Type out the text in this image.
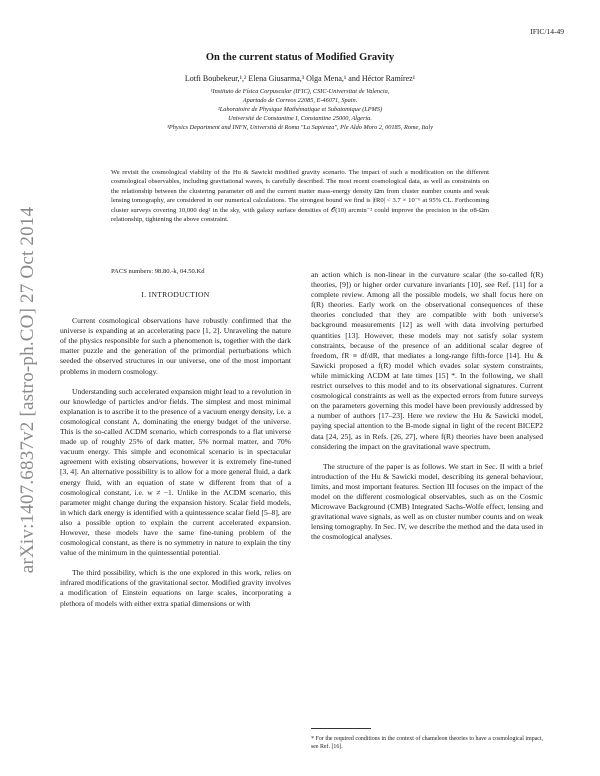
arXiv:1407.6837v2 [astro-ph.CO] 27 Oct 2014
IFIC/14-49
On the current status of Modified Gravity
Lotfi Boubekeur,¹,² Elena Giusarma,³ Olga Mena,¹ and Héctor Ramírez¹
¹Instituto de Física Corpuscular (IFIC), CSIC-Universitat de Valencia,
Apartado de Correos 22085, E-46071, Spain.
²Laboratoire de Physique Mathématique et Subatomique (LPMS)
Université de Constantine I, Constantine 25000, Algeria.
³Physics Department and INFN, Università di Roma "La Sapienza", Ple Aldo Moro 2, 00185, Rome, Italy
We revisit the cosmological viability of the Hu & Sawicki modified gravity scenario. The impact of such a modification on the different cosmological observables, including gravitational waves, is carefully described. The most recent cosmological data, as well as constraints on the relationship between the clustering parameter σ8 and the current matter mass-energy density Ωm from cluster number counts and weak lensing tomography, are considered in our numerical calculations. The strongest bound we find is |fR0| < 3.7 × 10⁻⁶ at 95% CL. Forthcoming cluster surveys covering 10,000 deg² in the sky, with galaxy surface densities of 𝒪(10) arcmin⁻² could improve the precision in the σ8-Ωm relationship, tightening the above constraint.
PACS numbers: 98.80.-k, 04.50.Kd
I. INTRODUCTION

Current cosmological observations have robustly confirmed that the universe is expanding at an accelerating pace [1, 2]. Unraveling the nature of the physics responsible for such a phenomenon is, together with the dark matter puzzle and the generation of the primordial perturbations which seeded the observed structures in our universe, one of the most important problems in modern cosmology.

Understanding such accelerated expansion might lead to a revolution in our knowledge of particles and/or fields. The simplest and most minimal explanation is to ascribe it to the presence of a vacuum energy density, i.e. a cosmological constant Λ, dominating the energy budget of the universe. This is the so-called ΛCDM scenario, which corresponds to a flat universe made up of roughly 25% of dark matter, 5% normal matter, and 70% vacuum energy. This simple and economical scenario is in spectacular agreement with existing observations, however it is extremely fine-tuned [3, 4]. An alternative possibility is to allow for a more general fluid, a dark energy fluid, with an equation of state w different from that of a cosmological constant, i.e. w ≠ −1. Unlike in the ΛCDM scenario, this parameter might change during the expansion history. Scalar field models, in which dark energy is identified with a quintessence scalar field [5–8], are also a possible option to explain the current accelerated expansion. However, these models have the same fine-tuning problem of the cosmological constant, as there is no symmetry in nature to explain the tiny value of the minimum in the quintessential potential.

The third possibility, which is the one explored in this work, relies on infrared modifications of the gravitational sector. Modified gravity involves a modification of Einstein equations on large scales, incorporating a plethora of models with either extra spatial dimensions or with

an action which is non-linear in the curvature scalar (the so-called f(R) theories, [9]) or higher order curvature invariants [10], see Ref. [11] for a complete review. Among all the possible models, we shall focus here on f(R) theories. Early work on the observational consequences of these theories concluded that they are compatible with both universe's background measurements [12] as well with data involving perturbed quantities [13]. However, these models may not satisfy solar system constraints, because of the presence of an additional scalar degree of freedom, fR ≡ df/dR, that mediates a long-range fifth-force [14]. Hu & Sawicki proposed a f(R) model which evades solar system constraints, while mimicking ΛCDM at late times [15] *. In the following, we shall restrict ourselves to this model and to its observational signatures. Current cosmological constraints as well as the expected errors from future surveys on the parameters governing this model have been previously addressed by a number of authors [17–23]. Here we review the Hu & Sawicki model, paying special attention to the B-mode signal in light of the recent BICEP2 data [24, 25], as in Refs. [26, 27], where f(R) theories have been analysed considering the impact on the gravitational wave spectrum.

The structure of the paper is as follows. We start in Sec. II with a brief introduction of the Hu & Sawicki model, describing its general behaviour, limits, and most important features. Section III focuses on the impact of the model on the different cosmological observables, such as on the Cosmic Microwave Background (CMB) Integrated Sachs-Wolfe effect, lensing and gravitational wave signals, as well as on cluster number counts and on weak lensing tomography. In Sec. IV, we describe the method and the data used in the cosmological analyses.

* For the required conditions in the context of chameleon theories to have a cosmological impact, see Ref. [16].
